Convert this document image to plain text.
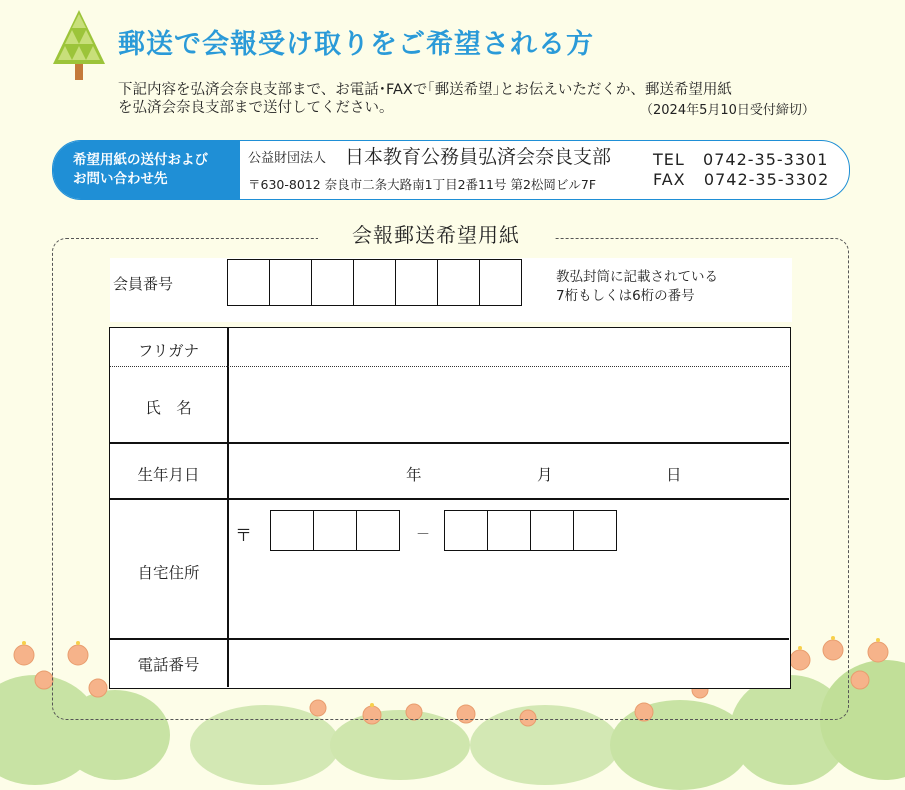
郵送で会報受け取りをご希望される方
下記内容を弘済会奈良支部まで、お電話･FAXで｢郵送希望｣とお伝えいただくか、郵送希望用紙
を弘済会奈良支部まで送付してください。	（2024年5月10日受付締切）
希望用紙の送付および
お問い合わせ先
公益財団法人 日本教育公務員弘済会奈良支部
〒630-8012 奈良市二条大路南1丁目2番11号 第2松岡ビル7F
TEL   0742-35-3301
FAX   0742-35-3302
会報郵送希望用紙
会員番号	教弘封筒に記載されている
7桁もしくは6桁の番号
フリガナ
氏　名
生年月日	年	月	日
自宅住所
〒	－
電話番号
